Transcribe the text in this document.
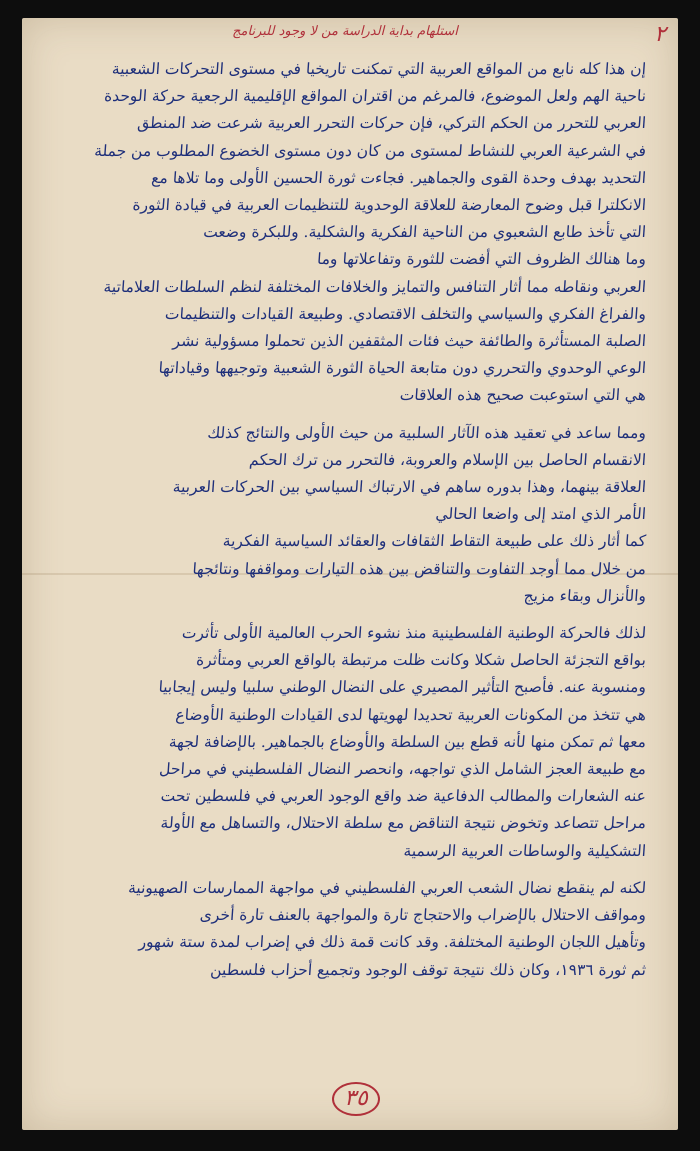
استلهام بداية الدراسة من لا وجود للبرنامج	٢
إن هذا كله نابع من المواقع العربية التي تمكنت تاريخيا في مستوى التحركات الشعبية
ناحية الهم ولعل الموضوع، فالمرغم من اقتران المواقع الإقليمية الرجعية حركة الوحدة
العربي للتحرر من الحكم التركي، فإن حركات التحرر العربية شرعت ضد المنطق
في الشرعية العربي للنشاط لمستوى من كان دون مستوى الخضوع المطلوب من جملة
التحديد بهدف وحدة القوى والجماهير. فجاءت ثورة الحسين الأولى وما تلاها مع
الانكلترا قبل وضوح المعارضة للعلاقة الوحدوية للتنظيمات العربية في قيادة الثورة
التي تأخذ طابع الشعبوي من الناحية الفكرية والشكلية. وللبكرة وضعت
وما هنالك الظروف التي أفضت للثورة وتفاعلاتها وما
العربي ونقاطه مما أثار التنافس والتمايز والخلافات المختلفة لنظم السلطات العلاماتية
والفراغ الفكري والسياسي والتخلف الاقتصادي. وطبيعة القيادات والتنظيمات
الصلبة المستأثرة والطائفة حيث فئات المثقفين الذين تحملوا مسؤولية نشر
الوعي الوحدوي والتحرري دون متابعة الحياة الثورة الشعبية وتوجيهها وقياداتها
هي التي استوعبت صحيح هذه العلاقات
ومما ساعد في تعقيد هذه الآثار السلبية من حيث الأولى والنتائج كذلك
الانقسام الحاصل بين الإسلام والعروبة، فالتحرر من ترك الحكم
العلاقة بينهما، وهذا بدوره ساهم في الارتباك السياسي بين الحركات العربية
الأمر الذي امتد إلى واضعا الحالي
كما أثار ذلك على طبيعة التقاط الثقافات والعقائد السياسية الفكرية
من خلال مما أوجد التفاوت والتناقض بين هذه التيارات ومواقفها ونتائجها
والأنزال وبقاء مزيج
لذلك فالحركة الوطنية الفلسطينية منذ نشوء الحرب العالمية الأولى تأثرت
بواقع التجزئة الحاصل شكلا وكانت ظلت مرتبطة بالواقع العربي ومتأثرة
ومنسوبة عنه. فأصبح التأثير المصيري على النضال الوطني سلبيا وليس إيجابيا
هي تتخذ من المكونات العربية تحديدا لهويتها لدى القيادات الوطنية الأوضاع
معها ثم تمكن منها لأنه قطع بين السلطة والأوضاع بالجماهير. بالإضافة لجهة
مع طبيعة العجز الشامل الذي تواجهه، وانحصر النضال الفلسطيني في مراحل
عنه الشعارات والمطالب الدفاعية ضد واقع الوجود العربي في فلسطين تحت
مراحل تتصاعد وتخوض نتيجة التناقض مع سلطة الاحتلال، والتساهل مع الأولة
التشكيلية والوساطات العربية الرسمية
لكنه لم ينقطع نضال الشعب العربي الفلسطيني في مواجهة الممارسات الصهيونية
ومواقف الاحتلال بالإضراب والاحتجاج تارة والمواجهة بالعنف تارة أخرى
وتأهيل اللجان الوطنية المختلفة. وقد كانت قمة ذلك في إضراب لمدة ستة شهور
ثم ثورة ١٩٣٦، وكان ذلك نتيجة توقف الوجود وتجميع أحزاب فلسطين
٣٥
